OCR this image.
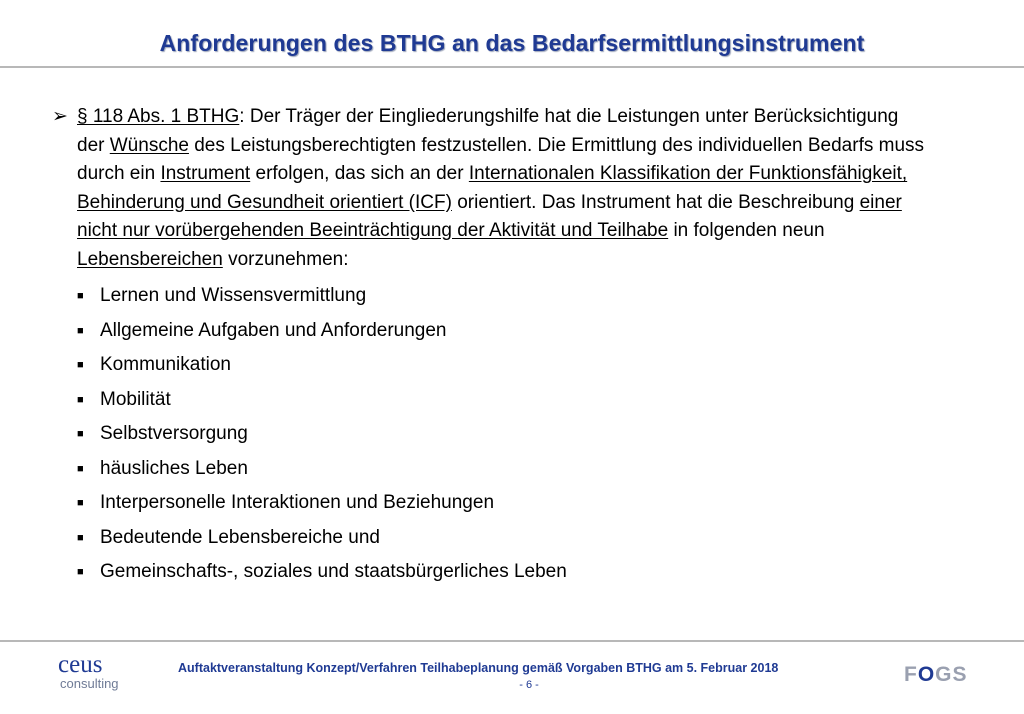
Anforderungen des BTHG an das Bedarfsermittlungsinstrument
➢ § 118 Abs. 1 BTHG: Der Träger der Eingliederungshilfe hat die Leistungen unter Berücksichtigung der Wünsche des Leistungsberechtigten festzustellen. Die Ermittlung des individuellen Bedarfs muss durch ein Instrument erfolgen, das sich an der Internationalen Klassifikation der Funktionsfähigkeit, Behinderung und Gesundheit orientiert (ICF) orientiert. Das Instrument hat die Beschreibung einer nicht nur vorübergehenden Beeinträchtigung der Aktivität und Teilhabe in folgenden neun Lebensbereichen vorzunehmen:
■ Lernen und Wissensvermittlung
■ Allgemeine Aufgaben und Anforderungen
■ Kommunikation
■ Mobilität
■ Selbstversorgung
■ häusliches Leben
■ Interpersonelle Interaktionen und Beziehungen
■ Bedeutende Lebensbereiche und
■ Gemeinschafts-, soziales und staatsbürgerliches Leben
ceus
consulting
Auftaktveranstaltung Konzept/Verfahren Teilhabeplanung gemäß Vorgaben BTHG am 5. Februar 2018
- 6 -	FOGS
